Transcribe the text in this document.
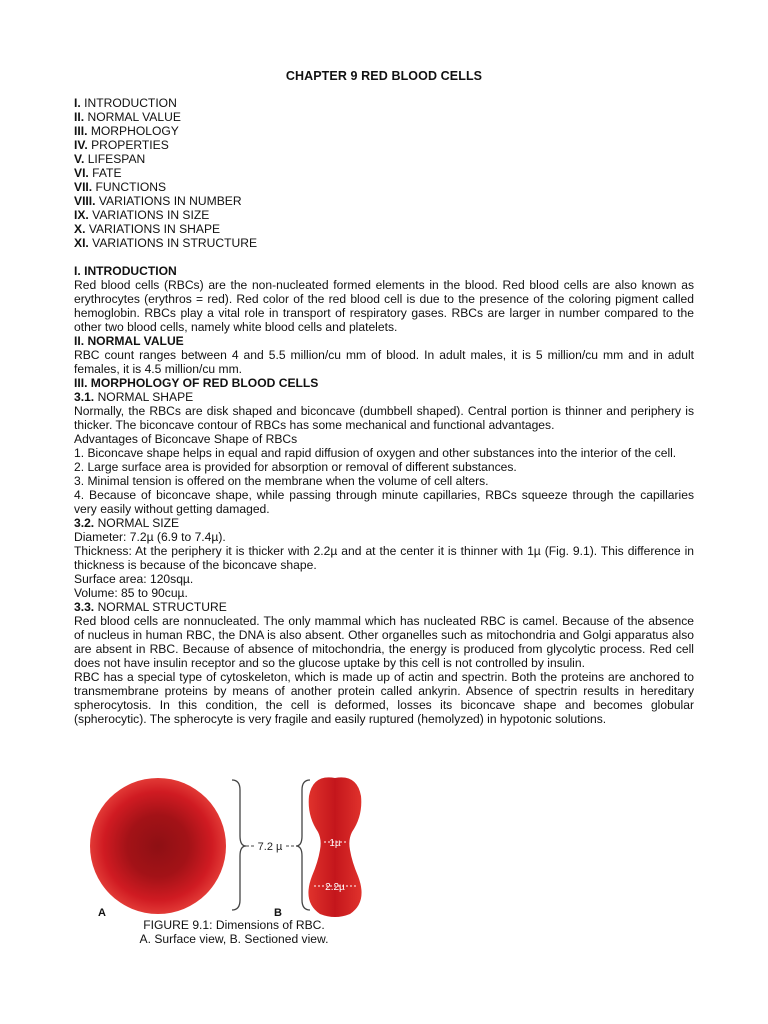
CHAPTER 9 RED BLOOD CELLS
I. INTRODUCTION
II. NORMAL VALUE
III. MORPHOLOGY
IV. PROPERTIES
V. LIFESPAN
VI. FATE
VII. FUNCTIONS
VIII. VARIATIONS IN NUMBER
IX. VARIATIONS IN SIZE
X. VARIATIONS IN SHAPE
XI. VARIATIONS IN STRUCTURE

I. INTRODUCTION

Red blood cells (RBCs) are the non-nucleated formed elements in the blood. Red blood cells are also known as erythrocytes (erythros = red). Red color of the red blood cell is due to the presence of the coloring pigment called hemoglobin. RBCs play a vital role in transport of respiratory gases. RBCs are larger in number compared to the other two blood cells, namely white blood cells and platelets.

II. NORMAL VALUE

RBC count ranges between 4 and 5.5 million/cu mm of blood. In adult males, it is 5 million/cu mm and in adult females, it is 4.5 million/cu mm.

III. MORPHOLOGY OF RED BLOOD CELLS

3.1. NORMAL SHAPE

Normally, the RBCs are disk shaped and biconcave (dumbbell shaped). Central portion is thinner and periphery is thicker. The biconcave contour of RBCs has some mechanical and functional advantages.

Advantages of Biconcave Shape of RBCs

1. Biconcave shape helps in equal and rapid diffusion of oxygen and other substances into the interior of the cell.

2. Large surface area is provided for absorption or removal of different substances.

3. Minimal tension is offered on the membrane when the volume of cell alters.

4. Because of biconcave shape, while passing through minute capillaries, RBCs squeeze through the capillaries very easily without getting damaged.

3.2. NORMAL SIZE

Diameter: 7.2µ (6.9 to 7.4µ).

Thickness: At the periphery it is thicker with 2.2µ and at the center it is thinner with 1µ (Fig. 9.1). This difference in thickness is because of the biconcave shape.

Surface area: 120sqµ.

Volume: 85 to 90cuµ.

3.3. NORMAL STRUCTURE

Red blood cells are nonnucleated. The only mammal which has nucleated RBC is camel. Because of the absence of nucleus in human RBC, the DNA is also absent. Other organelles such as mitochondria and Golgi apparatus also are absent in RBC. Because of absence of mitochondria, the energy is produced from glycolytic process. Red cell does not have insulin receptor and so the glucose uptake by this cell is not controlled by insulin.

RBC has a special type of cytoskeleton, which is made up of actin and spectrin. Both the proteins are anchored to transmembrane proteins by means of another protein called ankyrin. Absence of spectrin results in hereditary spherocytosis. In this condition, the cell is deformed, losses its biconcave shape and becomes globular (spherocytic). The spherocyte is very fragile and easily ruptured (hemolyzed) in hypotonic solutions.

7.2 µ	1µ
2.2µ
A	B
FIGURE 9.1: Dimensions of RBC.
A. Surface view, B. Sectioned view.
